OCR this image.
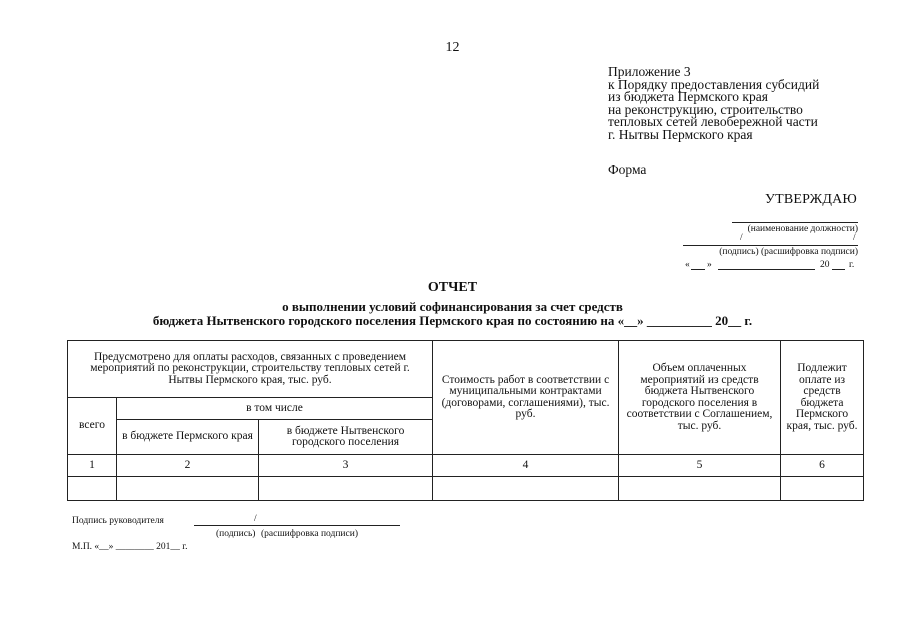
12
Приложение 3
к Порядку предоставления субсидий
из бюджета Пермского края
на реконструкцию, строительство
тепловых сетей левобережной части
г. Нытвы Пермского края
Форма
УТВЕРЖДАЮ
(наименование должности)
/	/
(подпись) (расшифровка подписи)
« »	20 г.
ОТЧЕТ
о выполнении условий софинансирования за счет средств
бюджета Нытвенского городского поселения Пермского края по состоянию на «__» __________ 20__ г.
Предусмотрено для оплаты расходов, связанных с проведением мероприятий по реконструкции, строительству тепловых сетей г. Нытвы Пермского края, тыс. руб.			Стоимость работ в соответствии с муниципальными контрактами (договорами, соглашениями), тыс. руб.	Объем оплаченных мероприятий из средств бюджета Нытвенского городского поселения в соответствии с Соглашением, тыс. руб.	Подлежит оплате из средств бюджета Пермского края, тыс. руб.
всего	в том числе				
	в бюджете Пермского края	в бюджете Нытвенского городского поселения			
1	2	3	4	5	6

Подпись руководителя	/
(подпись) (расшифровка подписи)
М.П. «__» ________ 201__ г.
